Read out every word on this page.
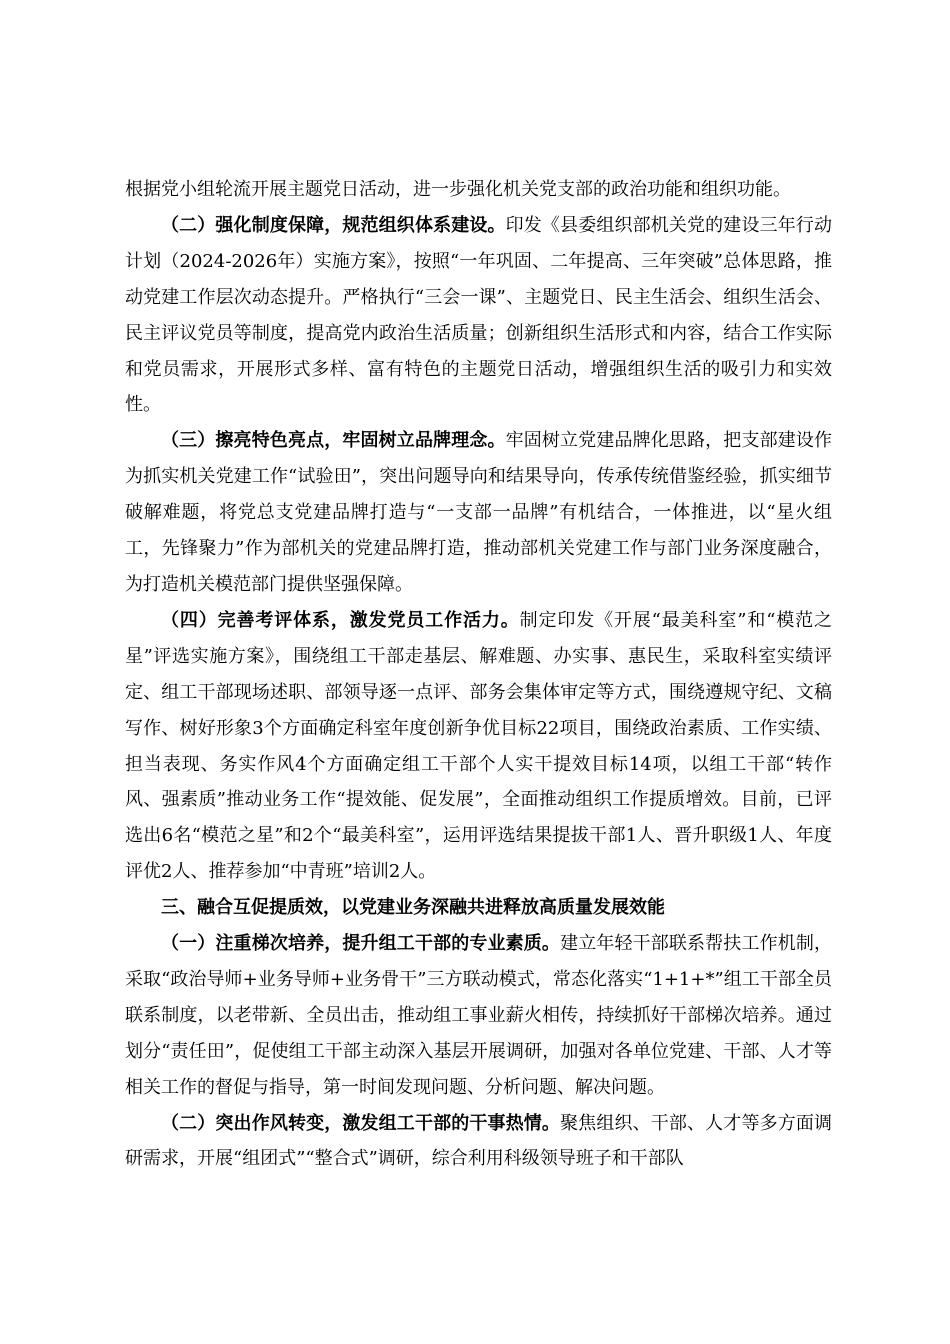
根据党小组轮流开展主题党日活动，进一步强化机关党支部的政治功能和组织功能。

（二）强化制度保障，规范组织体系建设。印发《县委组织部机关党的建设三年行动计划（2024-2026年）实施方案》，按照“一年巩固、二年提高、三年突破”总体思路，推动党建工作层次动态提升。严格执行“三会一课”、主题党日、民主生活会、组织生活会、民主评议党员等制度，提高党内政治生活质量；创新组织生活形式和内容，结合工作实际和党员需求，开展形式多样、富有特色的主题党日活动，增强组织生活的吸引力和实效性。

（三）擦亮特色亮点，牢固树立品牌理念。牢固树立党建品牌化思路，把支部建设作为抓实机关党建工作“试验田”，突出问题导向和结果导向，传承传统借鉴经验，抓实细节破解难题，将党总支党建品牌打造与“一支部一品牌”有机结合，一体推进，以“星火组工，先锋聚力”作为部机关的党建品牌打造，推动部机关党建工作与部门业务深度融合，为打造机关模范部门提供坚强保障。

（四）完善考评体系，激发党员工作活力。制定印发《开展“最美科室”和“模范之星”评选实施方案》，围绕组工干部走基层、解难题、办实事、惠民生，采取科室实绩评定、组工干部现场述职、部领导逐一点评、部务会集体审定等方式，围绕遵规守纪、文稿写作、树好形象3个方面确定科室年度创新争优目标22项目，围绕政治素质、工作实绩、担当表现、务实作风4个方面确定组工干部个人实干提效目标14项，以组工干部“转作风、强素质”推动业务工作“提效能、促发展”，全面推动组织工作提质增效。目前，已评选出6名“模范之星”和2个“最美科室”，运用评选结果提拔干部1人、晋升职级1人、年度评优2人、推荐参加“中青班”培训2人。

三、融合互促提质效，以党建业务深融共进释放高质量发展效能

（一）注重梯次培养，提升组工干部的专业素质。建立年轻干部联系帮扶工作机制，采取“政治导师+业务导师+业务骨干”三方联动模式，常态化落实“1+1+*”组工干部全员联系制度，以老带新、全员出击，推动组工事业薪火相传，持续抓好干部梯次培养。通过划分“责任田”，促使组工干部主动深入基层开展调研，加强对各单位党建、干部、人才等相关工作的督促与指导，第一时间发现问题、分析问题、解决问题。

（二）突出作风转变，激发组工干部的干事热情。聚焦组织、干部、人才等多方面调研需求，开展“组团式”“整合式”调研，综合利用科级领导班子和干部队
